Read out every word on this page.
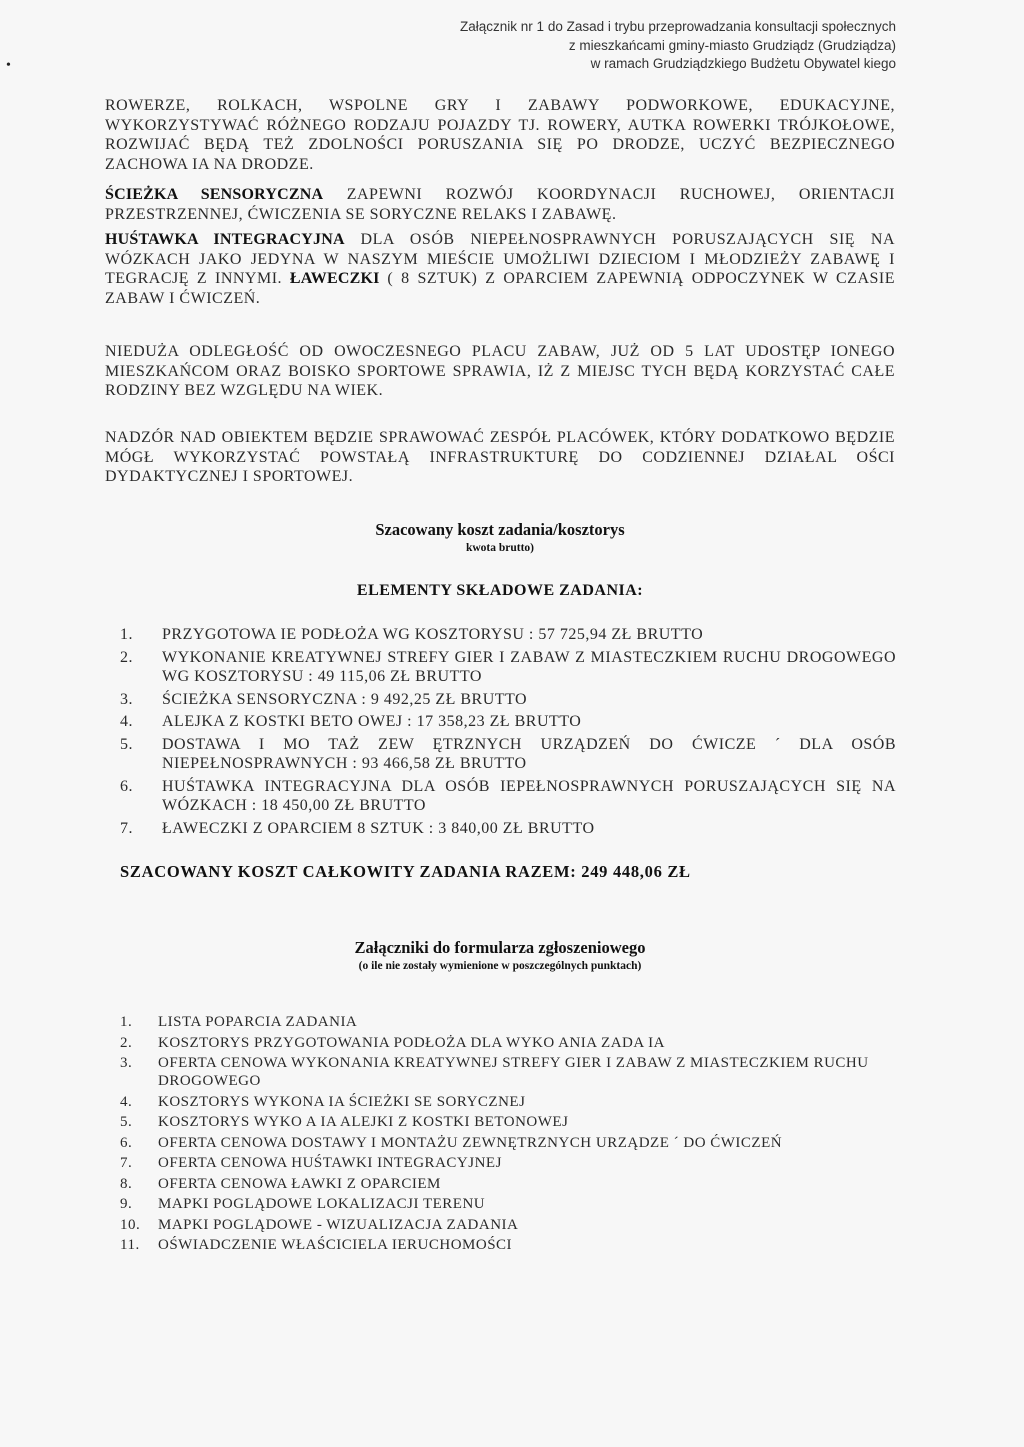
Załącznik nr 1 do Zasad i trybu przeprowadzania konsultacji społecznych
z mieszkańcami gminy-miasto Grudziądz (Grudziądza)
w ramach Grudziądzkiego Budżetu Obywatel kiego
•
ROWERZE, ROLKACH, WSPOLNE GRY I ZABAWY PODWORKOWE, EDUKACYJNE, WYKORZYSTYWAĆ RÓŻNEGO RODZAJU POJAZDY TJ. ROWERY, AUTKA ROWERKI TRÓJKOŁOWE, ROZWIJAĆ BĘDĄ TEŻ ZDOLNOŚCI PORUSZANIA SIĘ PO DRODZE, UCZYĆ BEZPIECZNEGO ZACHOWA IA NA DRODZE.
ŚCIEŻKA SENSORYCZNA ZAPEWNI ROZWÓJ KOORDYNACJI RUCHOWEJ, ORIENTACJI PRZESTRZENNEJ, ĆWICZENIA SE SORYCZNE RELAKS I ZABAWĘ.
HUŚTAWKA INTEGRACYJNA DLA OSÓB NIEPEŁNOSPRAWNYCH PORUSZAJĄCYCH SIĘ NA WÓZKACH JAKO JEDYNA W NASZYM MIEŚCIE UMOŻLIWI DZIECIOM I MŁODZIEŻY ZABAWĘ I TEGRACJĘ Z INNYMI. ŁAWECZKI ( 8 SZTUK) Z OPARCIEM ZAPEWNIĄ ODPOCZYNEK W CZASIE ZABAW I ĆWICZEŃ.
NIEDUŻA ODLEGŁOŚĆ OD OWOCZESNEGO PLACU ZABAW, JUŻ OD 5 LAT UDOSTĘP IONEGO MIESZKAŃCOM ORAZ BOISKO SPORTOWE SPRAWIA, IŻ Z MIEJSC TYCH BĘDĄ KORZYSTAĆ CAŁE RODZINY BEZ WZGLĘDU NA WIEK.
NADZÓR NAD OBIEKTEM BĘDZIE SPRAWOWAĆ ZESPÓŁ PLACÓWEK, KTÓRY DODATKOWO BĘDZIE MÓGŁ WYKORZYSTAĆ POWSTAŁĄ INFRASTRUKTURĘ DO CODZIENNEJ DZIAŁAL OŚCI DYDAKTYCZNEJ I SPORTOWEJ.
Szacowany koszt zadania/kosztorys
kwota brutto)
ELEMENTY SKŁADOWE ZADANIA:
1. PRZYGOTOWA IE PODŁOŻA WG KOSZTORYSU : 57 725,94 ZŁ BRUTTO
2. WYKONANIE KREATYWNEJ STREFY GIER I ZABAW Z MIASTECZKIEM RUCHU DROGOWEGO WG KOSZTORYSU : 49 115,06 ZŁ BRUTTO
3. ŚCIEŻKA SENSORYCZNA : 9 492,25 ZŁ BRUTTO
4. ALEJKA Z KOSTKI BETO OWEJ : 17 358,23 ZŁ BRUTTO
5. DOSTAWA I MO TAŻ ZEW ĘTRZNYCH URZĄDZEŃ DO ĆWICZE ´ DLA OSÓB NIEPEŁNOSPRAWNYCH : 93 466,58 ZŁ BRUTTO
6. HUŚTAWKA INTEGRACYJNA DLA OSÓB IEPEŁNOSPRAWNYCH PORUSZAJĄCYCH SIĘ NA WÓZKACH : 18 450,00 ZŁ BRUTTO
7. ŁAWECZKI Z OPARCIEM 8 SZTUK : 3 840,00 ZŁ BRUTTO
SZACOWANY KOSZT CAŁKOWITY ZADANIA RAZEM: 249 448,06 ZŁ
Załączniki do formularza zgłoszeniowego
(o ile nie zostały wymienione w poszczególnych punktach)
1. LISTA POPARCIA ZADANIA
2. KOSZTORYS PRZYGOTOWANIA PODŁOŻA DLA WYKO ANIA ZADA IA
3. OFERTA CENOWA WYKONANIA KREATYWNEJ STREFY GIER I ZABAW Z MIASTECZKIEM RUCHU DROGOWEGO
4. KOSZTORYS WYKONA IA ŚCIEŻKI SE SORYCZNEJ
5. KOSZTORYS WYKO A IA ALEJKI Z KOSTKI BETONOWEJ
6. OFERTA CENOWA DOSTAWY I MONTAŻU ZEWNĘTRZNYCH URZĄDZE ´ DO ĆWICZEŃ
7. OFERTA CENOWA HUŚTAWKI INTEGRACYJNEJ
8. OFERTA CENOWA ŁAWKI Z OPARCIEM
9. MAPKI POGLĄDOWE LOKALIZACJI TERENU
10. MAPKI POGLĄDOWE - WIZUALIZACJA ZADANIA
11. OŚWIADCZENIE WŁAŚCICIELA IERUCHOMOŚCI
